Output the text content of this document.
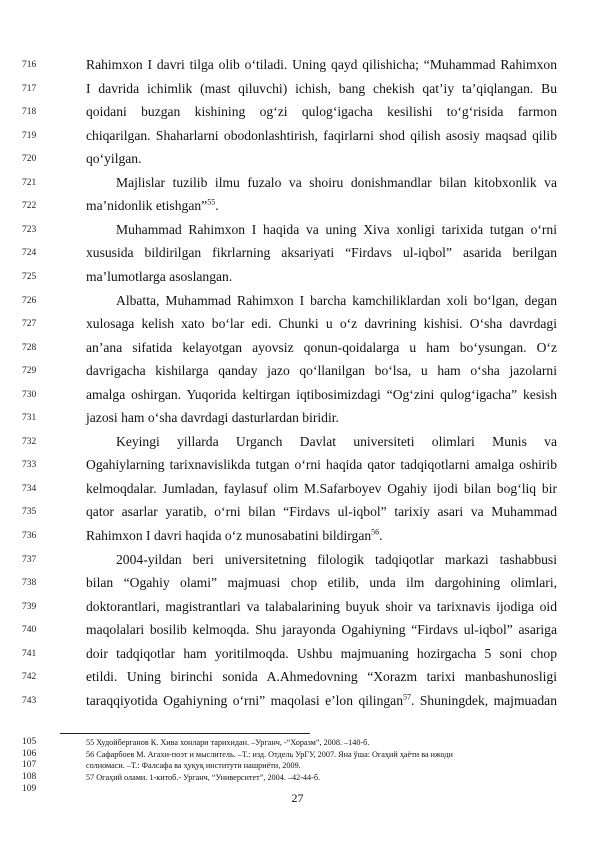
716	Rahimxon I davri tilga olib o‘tiladi. Uning qayd qilishicha; “Muhammad Rahimxon
717	I davrida ichimlik (mast qiluvchi) ichish, bang chekish qat’iy ta’qiqlangan. Bu
718	qoidani buzgan kishining og‘zi qulog‘igacha kesilishi to‘g‘risida farmon
719	chiqarilgan. Shaharlarni obodonlashtirish, faqirlarni shod qilish asosiy maqsad qilib
720	qo‘yilgan.
721	Majlislar tuzilib ilmu fuzalo va shoiru donishmandlar bilan kitobxonlik va
722	ma’nidonlik etishgan”$^{55}$.
723	Muhammad Rahimxon I haqida va uning Xiva xonligi tarixida tutgan o‘rni
724	xususida bildirilgan fikrlarning aksariyati “Firdavs ul-iqbol” asarida berilgan
725	ma’lumotlarga asoslangan.
726	Albatta, Muhammad Rahimxon I barcha kamchiliklardan xoli bo‘lgan, degan
727	xulosaga kelish xato bo‘lar edi. Chunki u o‘z davrining kishisi. O‘sha davrdagi
728	an’ana sifatida kelayotgan ayovsiz qonun-qoidalarga u ham bo‘ysungan. O‘z
729	davrigacha kishilarga qanday jazo qo‘llanilgan bo‘lsa, u ham o‘sha jazolarni
730	amalga oshirgan. Yuqorida keltirgan iqtibosimizdagi “Og‘zini qulog‘igacha” kesish
731	jazosi ham o‘sha davrdagi dasturlardan biridir.
732	Keyingi yillarda Urganch Davlat universiteti olimlari Munis va
733	Ogahiylarning tarixnavislikda tutgan o‘rni haqida qator tadqiqotlarni amalga oshirib
734	kelmoqdalar. Jumladan, faylasuf olim M.Safarboyev Ogahiy ijodi bilan bog‘liq bir
735	qator asarlar yaratib, o‘rni bilan “Firdavs ul-iqbol” tarixiy asari va Muhammad
736	Rahimxon I davri haqida o‘z munosabatini bildirgan$^{56}$.
737	2004-yildan beri universitetning filologik tadqiqotlar markazi tashabbusi
738	bilan “Ogahiy olami” majmuasi chop etilib, unda ilm dargohining olimlari,
739	doktorantlari, magistrantlari va talabalarining buyuk shoir va tarixnavis ijodiga oid
740	maqolalari bosilib kelmoqda. Shu jarayonda Ogahiyning “Firdavs ul-iqbol” asariga
741	doir tadqiqotlar ham yoritilmoqda. Ushbu majmuaning hozirgacha 5 soni chop
742	etildi. Uning birinchi sonida A.Ahmedovning “Xorazm tarixi manbashunosligi
743	taraqqiyotida Ogahiyning o‘rni” maqolasi e’lon qilingan$^{57}$. Shuningdek, majmuadan
105
106
107
108
109
55 Худойберганов К. Хива хонлари тарихидан. –Урганч, -“Хоразм”, 2008. –140-б.
56 Сафарбоев М. Агахи-поэт и мыслитель. –Т.: изд. Отдель УрГУ, 2007. Яна ўша: Огаҳий ҳаёти ва ижоди
солномаси. –Т.: Фалсафа ва ҳуқуқ институти нашриёти, 2009.
57 Огаҳий олами. 1-китоб.- Урганч, “Университет”, 2004. –42-44-б.
27
